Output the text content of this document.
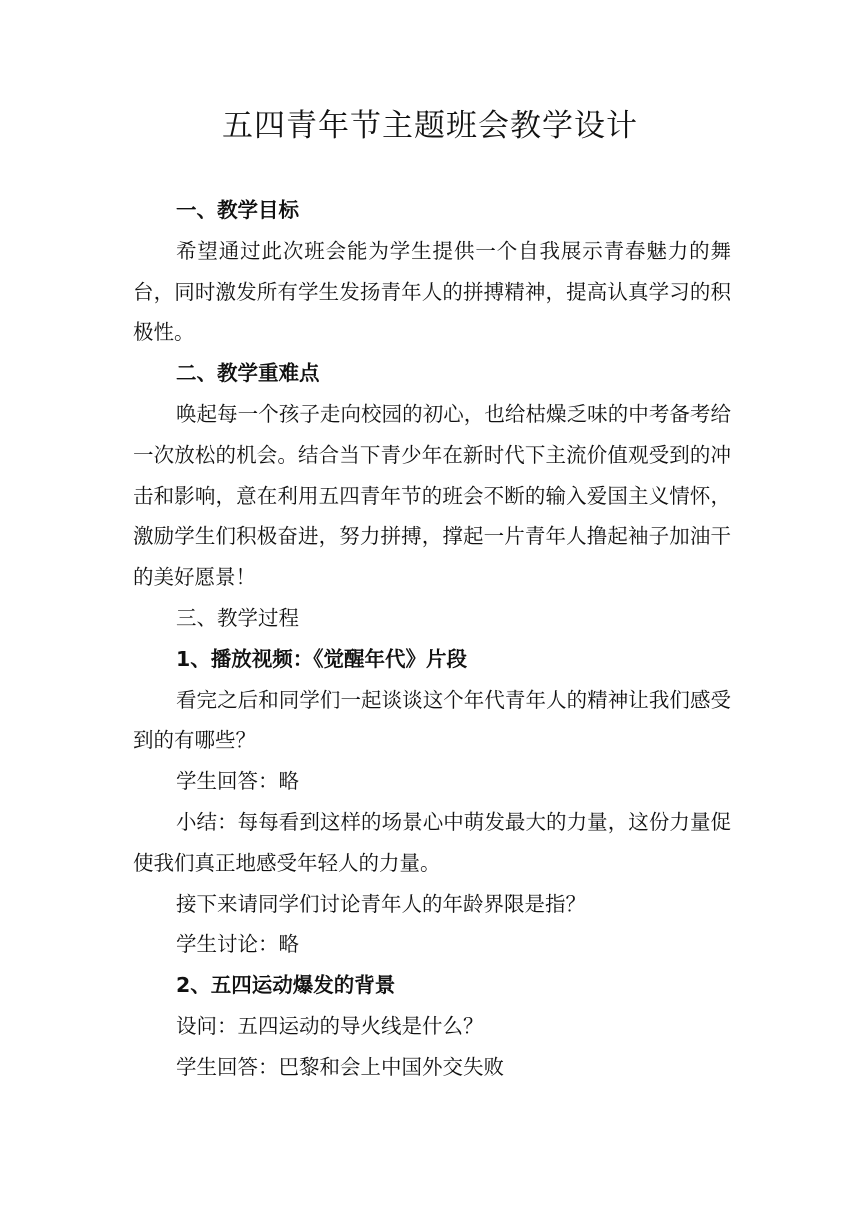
五四青年节主题班会教学设计

一、教学目标

希望通过此次班会能为学生提供一个自我展示青春魅力的舞台，同时激发所有学生发扬青年人的拼搏精神，提高认真学习的积极性。

二、教学重难点

唤起每一个孩子走向校园的初心，也给枯燥乏味的中考备考给一次放松的机会。结合当下青少年在新时代下主流价值观受到的冲击和影响，意在利用五四青年节的班会不断的输入爱国主义情怀，激励学生们积极奋进，努力拼搏，撑起一片青年人撸起袖子加油干的美好愿景！

三、教学过程

1、播放视频：《觉醒年代》片段

看完之后和同学们一起谈谈这个年代青年人的精神让我们感受到的有哪些？

学生回答：略

小结：每每看到这样的场景心中萌发最大的力量，这份力量促使我们真正地感受年轻人的力量。

接下来请同学们讨论青年人的年龄界限是指？

学生讨论：略

2、五四运动爆发的背景

设问：五四运动的导火线是什么？

学生回答：巴黎和会上中国外交失败
